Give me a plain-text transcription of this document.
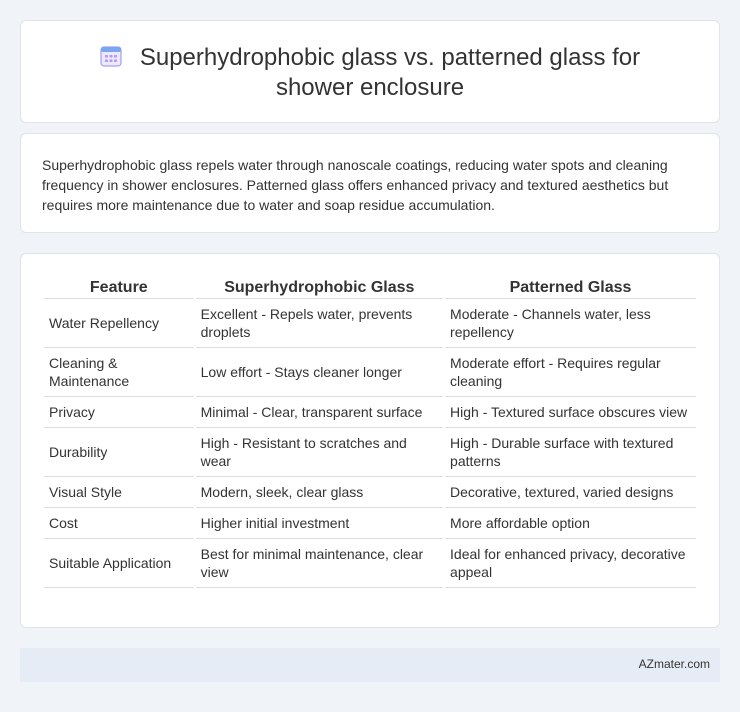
Superhydrophobic glass vs. patterned glass for shower enclosure

Superhydrophobic glass repels water through nanoscale coatings, reducing water spots and cleaning frequency in shower enclosures. Patterned glass offers enhanced privacy and textured aesthetics but requires more maintenance due to water and soap residue accumulation.

Feature	Superhydrophobic Glass	Patterned Glass
Water Repellency	Excellent - Repels water, prevents droplets	Moderate - Channels water, less repellency
Cleaning & Maintenance	Low effort - Stays cleaner longer	Moderate effort - Requires regular cleaning
Privacy	Minimal - Clear, transparent surface	High - Textured surface obscures view
Durability	High - Resistant to scratches and wear	High - Durable surface with textured patterns
Visual Style	Modern, sleek, clear glass	Decorative, textured, varied designs
Cost	Higher initial investment	More affordable option
Suitable Application	Best for minimal maintenance, clear view	Ideal for enhanced privacy, decorative appeal
AZmater.com
